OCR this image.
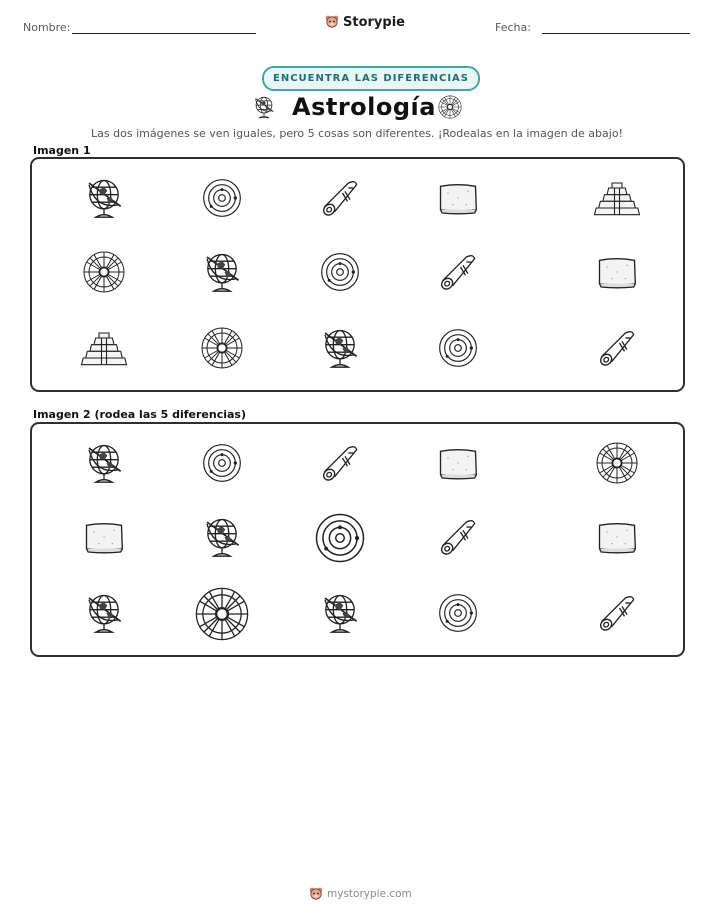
Nombre:	Storypie	Fecha:
ENCUENTRA LAS DIFERENCIAS
Astrología
Las dos imágenes se ven iguales, pero 5 cosas son diferentes. ¡Rodealas en la imagen de abajo!
Imagen 1
Imagen 2 (rodea las 5 diferencias)
mystorypie.com
